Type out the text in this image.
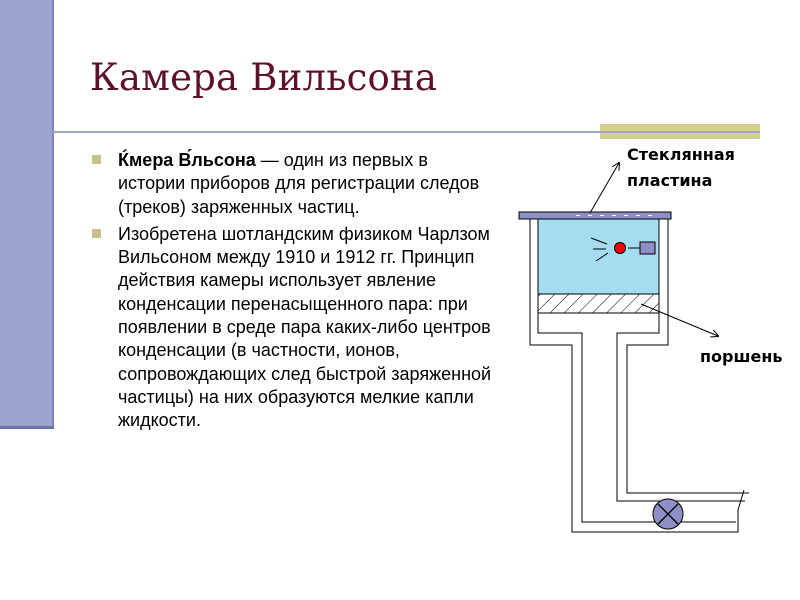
Камера Вильсона

Ќмера В́льсона — один из первых в истории приборов для регистрации следов (треков) заряженных частиц.

Изобретена шотландским физиком Чарлзом Вильсоном между 1910 и 1912 гг. Принцип действия камеры использует явление конденсации перенасыщенного пара: при появлении в среде пара каких-либо центров конденсации (в частности, ионов, сопровождающих след быстрой заряженной частицы) на них образуются мелкие капли жидкости.

Стеклянная
пластина
поршень
